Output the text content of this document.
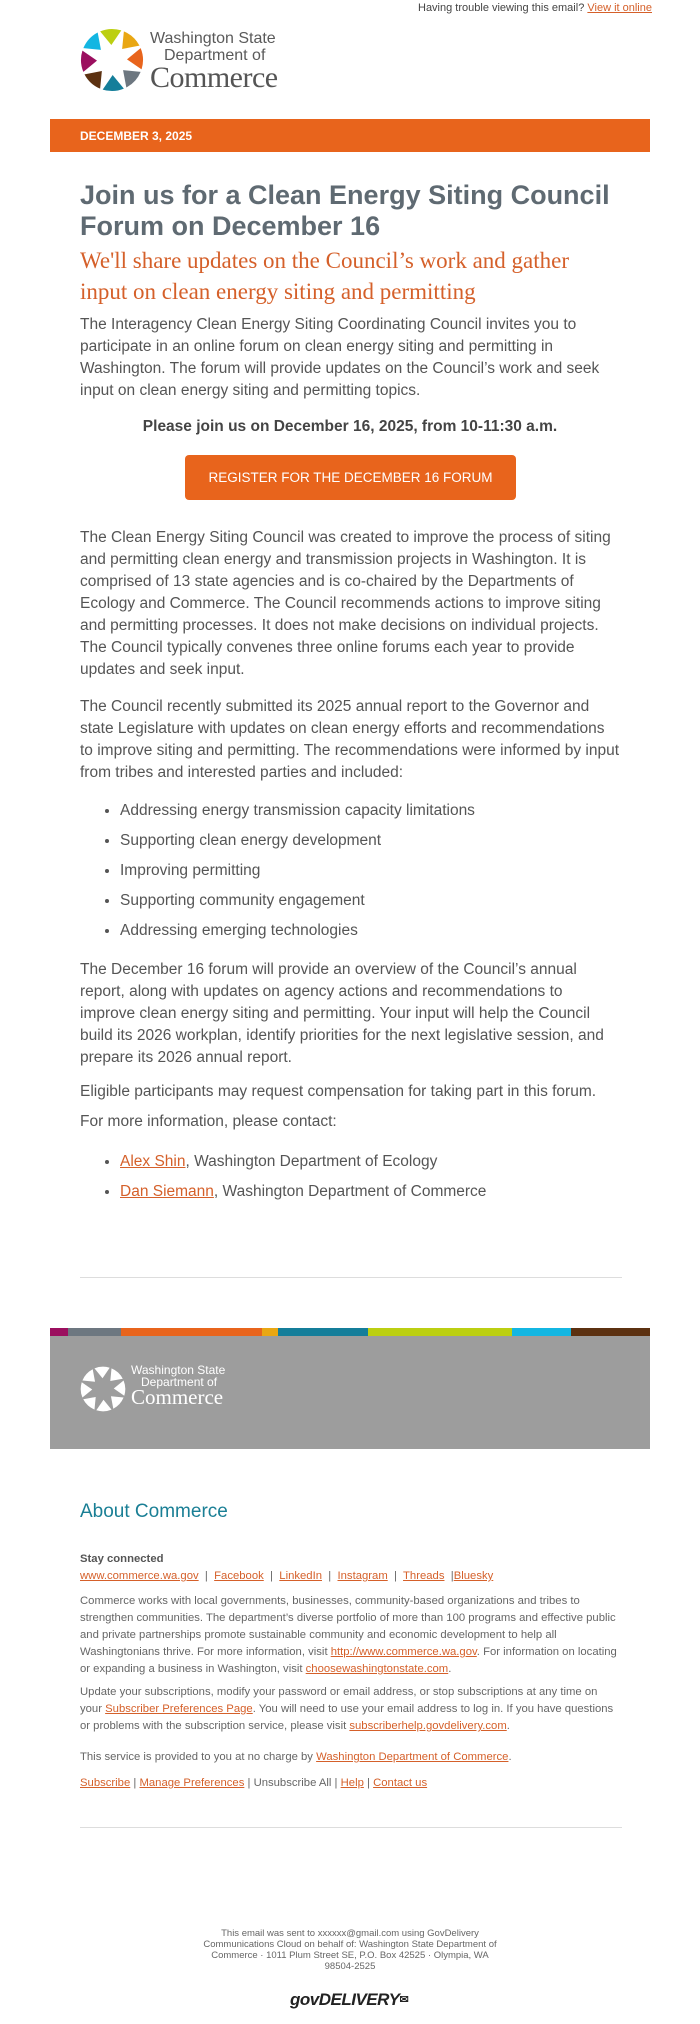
Having trouble viewing this email? View it online
Washington State
Department of
Commerce
DECEMBER 3, 2025
Join us for a Clean Energy Siting Council Forum on December 16
We'll share updates on the Council’s work and gather input on clean energy siting and permitting

The Interagency Clean Energy Siting Coordinating Council invites you to participate in an online forum on clean energy siting and permitting in Washington. The forum will provide updates on the Council’s work and seek input on clean energy siting and permitting topics.

Please join us on December 16, 2025, from 10-11:30 a.m.

REGISTER FOR THE DECEMBER 16 FORUM

The Clean Energy Siting Council was created to improve the process of siting and permitting clean energy and transmission projects in Washington. It is comprised of 13 state agencies and is co-chaired by the Departments of Ecology and Commerce. The Council recommends actions to improve siting and permitting processes. It does not make decisions on individual projects. The Council typically convenes three online forums each year to provide updates and seek input.

The Council recently submitted its 2025 annual report to the Governor and state Legislature with updates on clean energy efforts and recommendations to improve siting and permitting. The recommendations were informed by input from tribes and interested parties and included:

• Addressing energy transmission capacity limitations
• Supporting clean energy development
• Improving permitting
• Supporting community engagement
• Addressing emerging technologies

The December 16 forum will provide an overview of the Council’s annual report, along with updates on agency actions and recommendations to improve clean energy siting and permitting. Your input will help the Council build its 2026 workplan, identify priorities for the next legislative session, and prepare its 2026 annual report.

Eligible participants may request compensation for taking part in this forum.

For more information, please contact:

• Alex Shin, Washington Department of Ecology
• Dan Siemann, Washington Department of Commerce
Washington State
Department of
Commerce
About Commerce
Stay connected
www.commerce.wa.gov  |  Facebook  |  LinkedIn  |  Instagram  |  Threads  |Bluesky

Commerce works with local governments, businesses, community-based organizations and tribes to strengthen communities. The department’s diverse portfolio of more than 100 programs and effective public and private partnerships promote sustainable community and economic development to help all Washingtonians thrive. For more information, visit http://www.commerce.wa.gov. For information on locating or expanding a business in Washington, visit choosewashingtonstate.com.

Update your subscriptions, modify your password or email address, or stop subscriptions at any time on your Subscriber Preferences Page. You will need to use your email address to log in. If you have questions or problems with the subscription service, please visit subscriberhelp.govdelivery.com.

This service is provided to you at no charge by Washington Department of Commerce.

Subscribe | Manage Preferences | Unsubscribe All | Help | Contact us

This email was sent to xxxxxx@gmail.com using GovDelivery Communications Cloud on behalf of: Washington State Department of Commerce · 1011 Plum Street SE, P.O. Box 42525 · Olympia, WA 98504-2525

govDELIVERY✉
